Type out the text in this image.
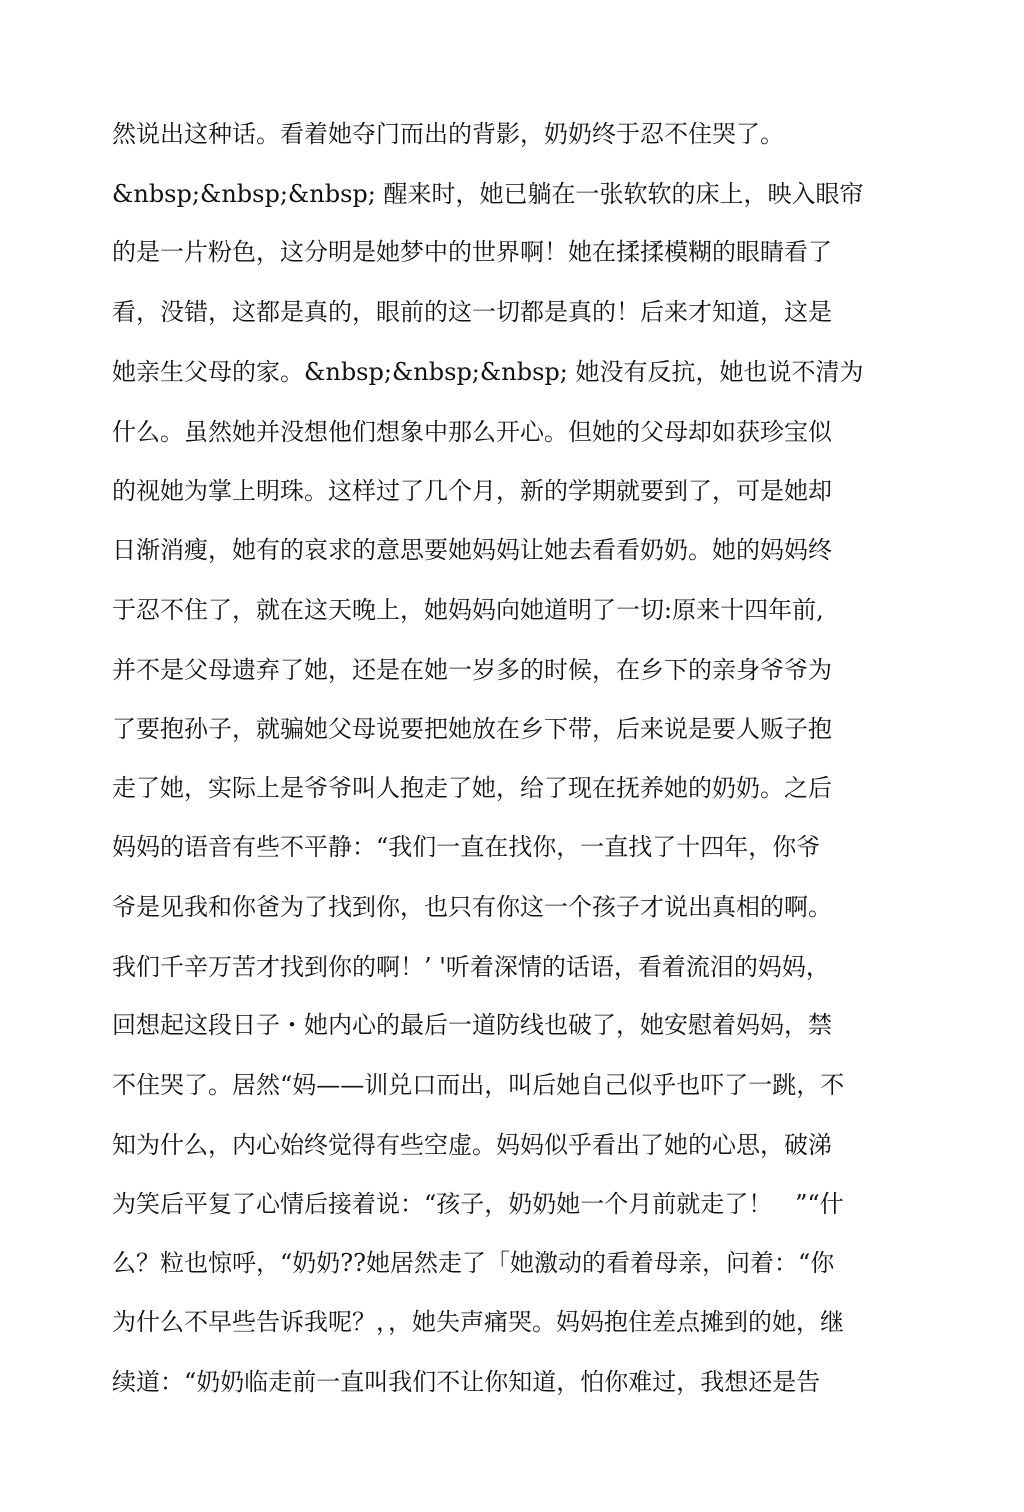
然说出这种话。看着她夺门而出的背影，奶奶终于忍不住哭了。
&nbsp;&nbsp;&nbsp; 醒来时，她已躺在一张软软的床上，映入眼帘
的是一片粉色，这分明是她梦中的世界啊！她在揉揉模糊的眼睛看了
看，没错，这都是真的，眼前的这一切都是真的！后来才知道，这是
她亲生父母的家。&nbsp;&nbsp;&nbsp; 她没有反抗，她也说不清为
什么。虽然她并没想他们想象中那么开心。但她的父母却如获珍宝似
的视她为掌上明珠。这样过了几个月，新的学期就要到了，可是她却
日渐消瘦，她有的哀求的意思要她妈妈让她去看看奶奶。她的妈妈终
于忍不住了，就在这天晚上，她妈妈向她道明了一切:原来十四年前,
并不是父母遗弃了她，还是在她一岁多的时候，在乡下的亲身爷爷为
了要抱孙子，就骗她父母说要把她放在乡下带，后来说是要人贩子抱
走了她，实际上是爷爷叫人抱走了她，给了现在抚养她的奶奶。之后
妈妈的语音有些不平静：“我们一直在找你，一直找了十四年，你爷
爷是见我和你爸为了找到你，也只有你这一个孩子才说出真相的啊。
我们千辛万苦才找到你的啊！’ '听着深情的话语，看着流泪的妈妈，
回想起这段日子・她内心的最后一道防线也破了，她安慰着妈妈，禁
不住哭了。居然“妈——训兑口而出，叫后她自己似乎也吓了一跳，不
知为什么，内心始终觉得有些空虚。妈妈似乎看出了她的心思，破涕
为笑后平复了心情后接着说：“孩子，奶奶她一个月前就走了！   ”“什
么？粒也惊呼，“奶奶??她居然走了「她激动的看着母亲，问着：“你
为什么不早些告诉我呢？，，她失声痛哭。妈妈抱住差点摊到的她，继
续道：“奶奶临走前一直叫我们不让你知道，怕你难过，我想还是告
